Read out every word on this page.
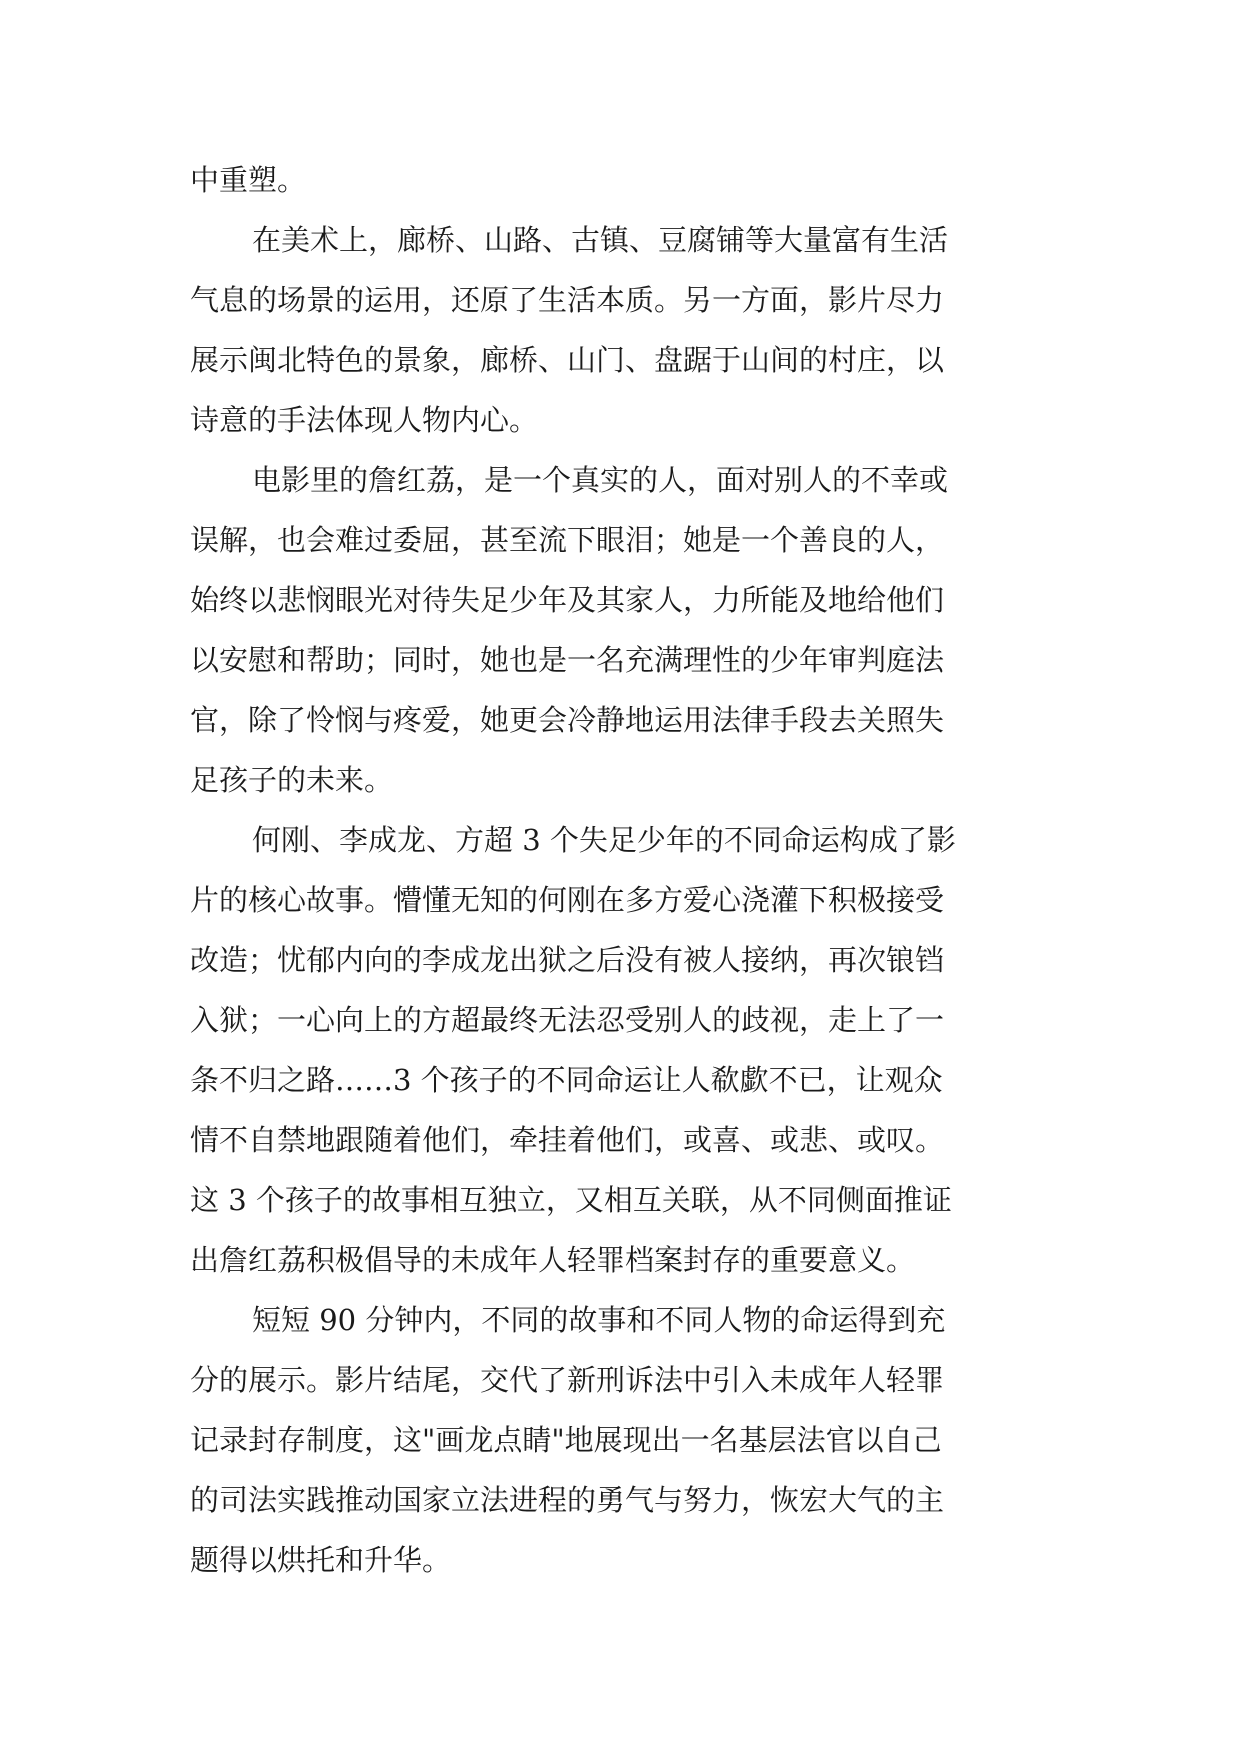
中重塑。
在美术上，廊桥、山路、古镇、豆腐铺等大量富有生活
气息的场景的运用，还原了生活本质。另一方面，影片尽力
展示闽北特色的景象，廊桥、山门、盘踞于山间的村庄，以
诗意的手法体现人物内心。
电影里的詹红荔，是一个真实的人，面对别人的不幸或
误解，也会难过委屈，甚至流下眼泪；她是一个善良的人，
始终以悲悯眼光对待失足少年及其家人，力所能及地给他们
以安慰和帮助；同时，她也是一名充满理性的少年审判庭法
官，除了怜悯与疼爱，她更会冷静地运用法律手段去关照失
足孩子的未来。
何刚、李成龙、方超 3 个失足少年的不同命运构成了影
片的核心故事。懵懂无知的何刚在多方爱心浇灌下积极接受
改造；忧郁内向的李成龙出狱之后没有被人接纳，再次锒铛
入狱；一心向上的方超最终无法忍受别人的歧视，走上了一
条不归之路……3 个孩子的不同命运让人欷歔不已，让观众
情不自禁地跟随着他们，牵挂着他们，或喜、或悲、或叹。
这 3 个孩子的故事相互独立，又相互关联，从不同侧面推证
出詹红荔积极倡导的未成年人轻罪档案封存的重要意义。
短短 90 分钟内，不同的故事和不同人物的命运得到充
分的展示。影片结尾，交代了新刑诉法中引入未成年人轻罪
记录封存制度，这"画龙点睛"地展现出一名基层法官以自己
的司法实践推动国家立法进程的勇气与努力，恢宏大气的主
题得以烘托和升华。
